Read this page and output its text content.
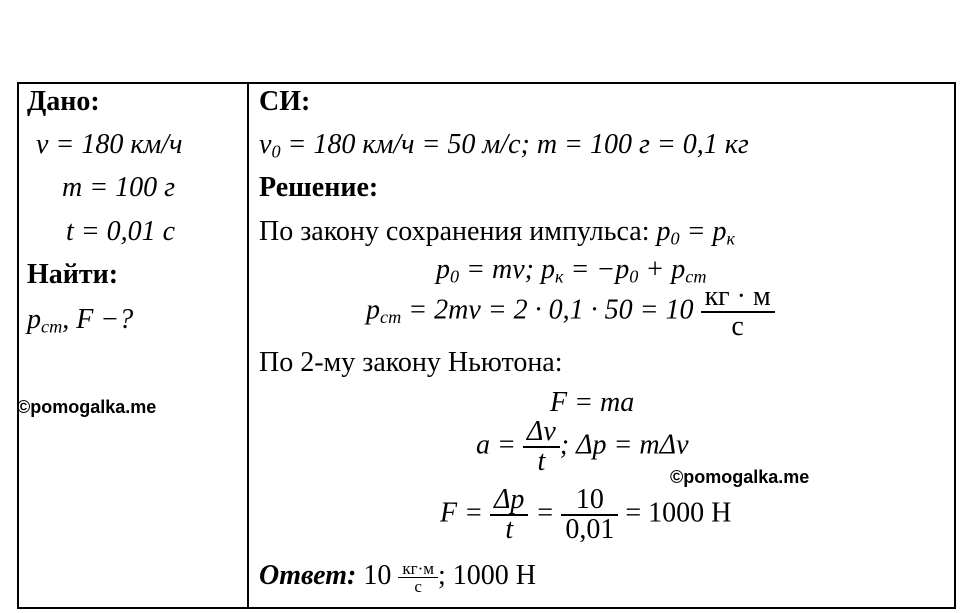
Дано:
v = 180 км/ч
m = 100 г
t = 0,01 с
Найти:
$p_{ст}$, F −?
©pomogalka.me
СИ:
$v_0 = 180$ км/ч = 50 м/с; m = 100 г = 0,1 кг
Решение:
По закону сохранения импульса: $p_0 = p_к$
$p_0$ = mv; $p_к = -p_0 + p_{ст}$
$p_{ст} = 2mv = 2 \cdot 0,1 \cdot 50 = 10 \frac{кг \cdot м}{с}$
По 2-му закону Ньютона:
F = ma
$a = \frac{\Delta v}{t}$ ; Δp = mΔv
©pomogalka.me
$F = \frac{\Delta p}{t} = \frac{10}{0,01} = 1000$ Н
Ответ: $10 \frac{кг\cdot м}{с}$ ; 1000 Н
